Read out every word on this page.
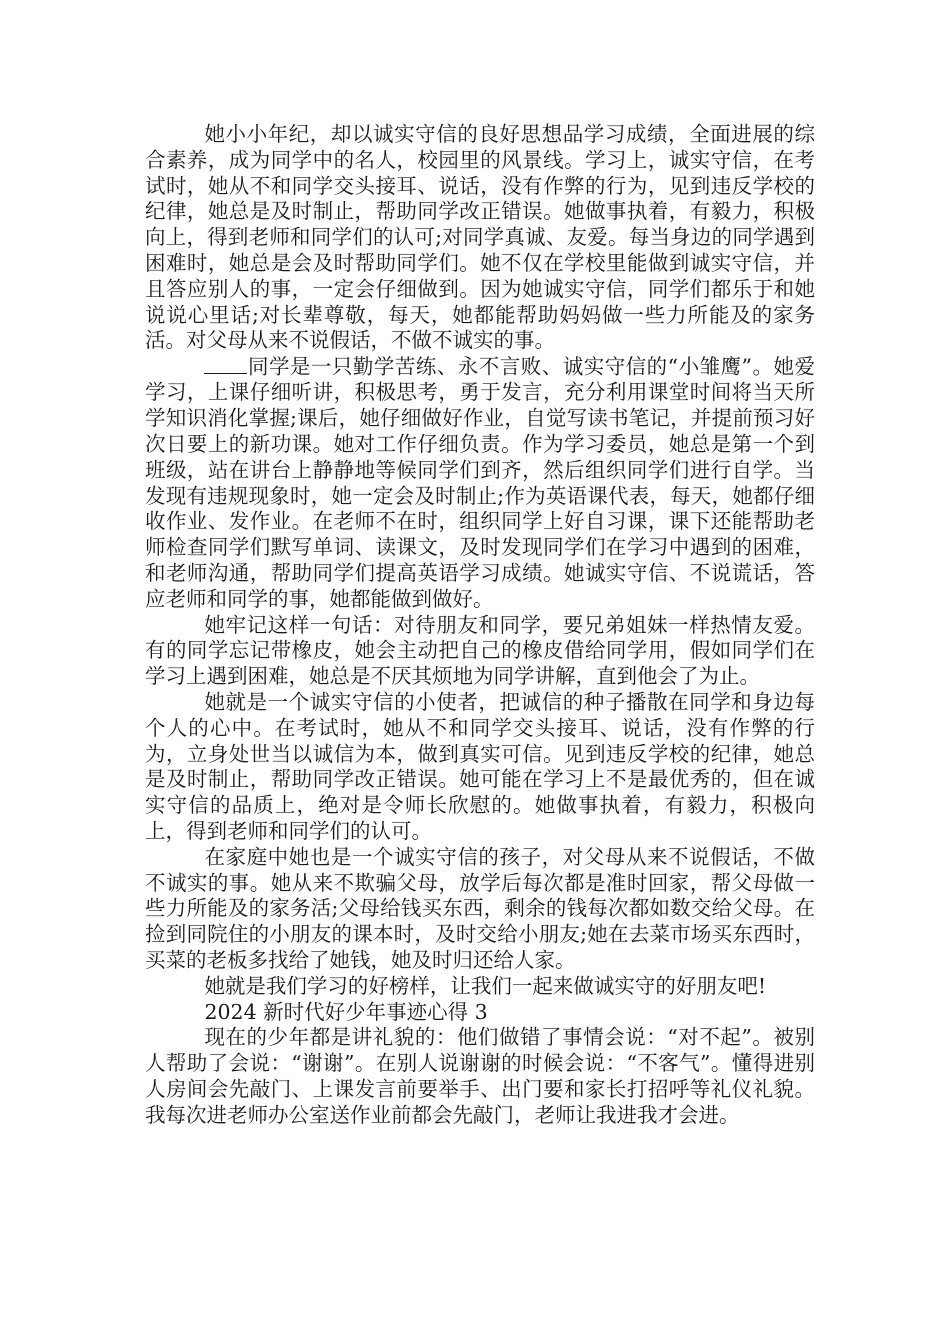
她小小年纪，却以诚实守信的良好思想品学习成绩，全面进展的综合素养，成为同学中的名人，校园里的风景线。学习上，诚实守信，在考试时，她从不和同学交头接耳、说话，没有作弊的行为，见到违反学校的纪律，她总是及时制止，帮助同学改正错误。她做事执着，有毅力，积极向上，得到老师和同学们的认可;对同学真诚、友爱。每当身边的同学遇到困难时，她总是会及时帮助同学们。她不仅在学校里能做到诚实守信，并且答应别人的事，一定会仔细做到。因为她诚实守信，同学们都乐于和她说说心里话;对长辈尊敬，每天，她都能帮助妈妈做一些力所能及的家务活。对父母从来不说假话，不做不诚实的事。

同学是一只勤学苦练、永不言败、诚实守信的“小雏鹰”。她爱学习，上课仔细听讲，积极思考，勇于发言，充分利用课堂时间将当天所学知识消化掌握;课后，她仔细做好作业，自觉写读书笔记，并提前预习好次日要上的新功课。她对工作仔细负责。作为学习委员，她总是第一个到班级，站在讲台上静静地等候同学们到齐，然后组织同学们进行自学。当发现有违规现象时，她一定会及时制止;作为英语课代表，每天，她都仔细收作业、发作业。在老师不在时，组织同学上好自习课，课下还能帮助老师检查同学们默写单词、读课文，及时发现同学们在学习中遇到的困难，和老师沟通，帮助同学们提高英语学习成绩。她诚实守信、不说谎话，答应老师和同学的事，她都能做到做好。

她牢记这样一句话：对待朋友和同学，要兄弟姐妹一样热情友爱。有的同学忘记带橡皮，她会主动把自己的橡皮借给同学用，假如同学们在学习上遇到困难，她总是不厌其烦地为同学讲解，直到他会了为止。

她就是一个诚实守信的小使者，把诚信的种子播散在同学和身边每个人的心中。在考试时，她从不和同学交头接耳、说话，没有作弊的行为，立身处世当以诚信为本，做到真实可信。见到违反学校的纪律，她总是及时制止，帮助同学改正错误。她可能在学习上不是最优秀的，但在诚实守信的品质上，绝对是令师长欣慰的。她做事执着，有毅力，积极向上，得到老师和同学们的认可。

在家庭中她也是一个诚实守信的孩子，对父母从来不说假话，不做不诚实的事。她从来不欺骗父母，放学后每次都是准时回家，帮父母做一些力所能及的家务活;父母给钱买东西，剩余的钱每次都如数交给父母。在捡到同院住的小朋友的课本时，及时交给小朋友;她在去菜市场买东西时，买菜的老板多找给了她钱，她及时归还给人家。

她就是我们学习的好榜样，让我们一起来做诚实守的好朋友吧!

2024 新时代好少年事迹心得 3

现在的少年都是讲礼貌的：他们做错了事情会说：“对不起”。被别人帮助了会说：“谢谢”。在别人说谢谢的时候会说：“不客气”。懂得进别人房间会先敲门、上课发言前要举手、出门要和家长打招呼等礼仪礼貌。我每次进老师办公室送作业前都会先敲门，老师让我进我才会进。
